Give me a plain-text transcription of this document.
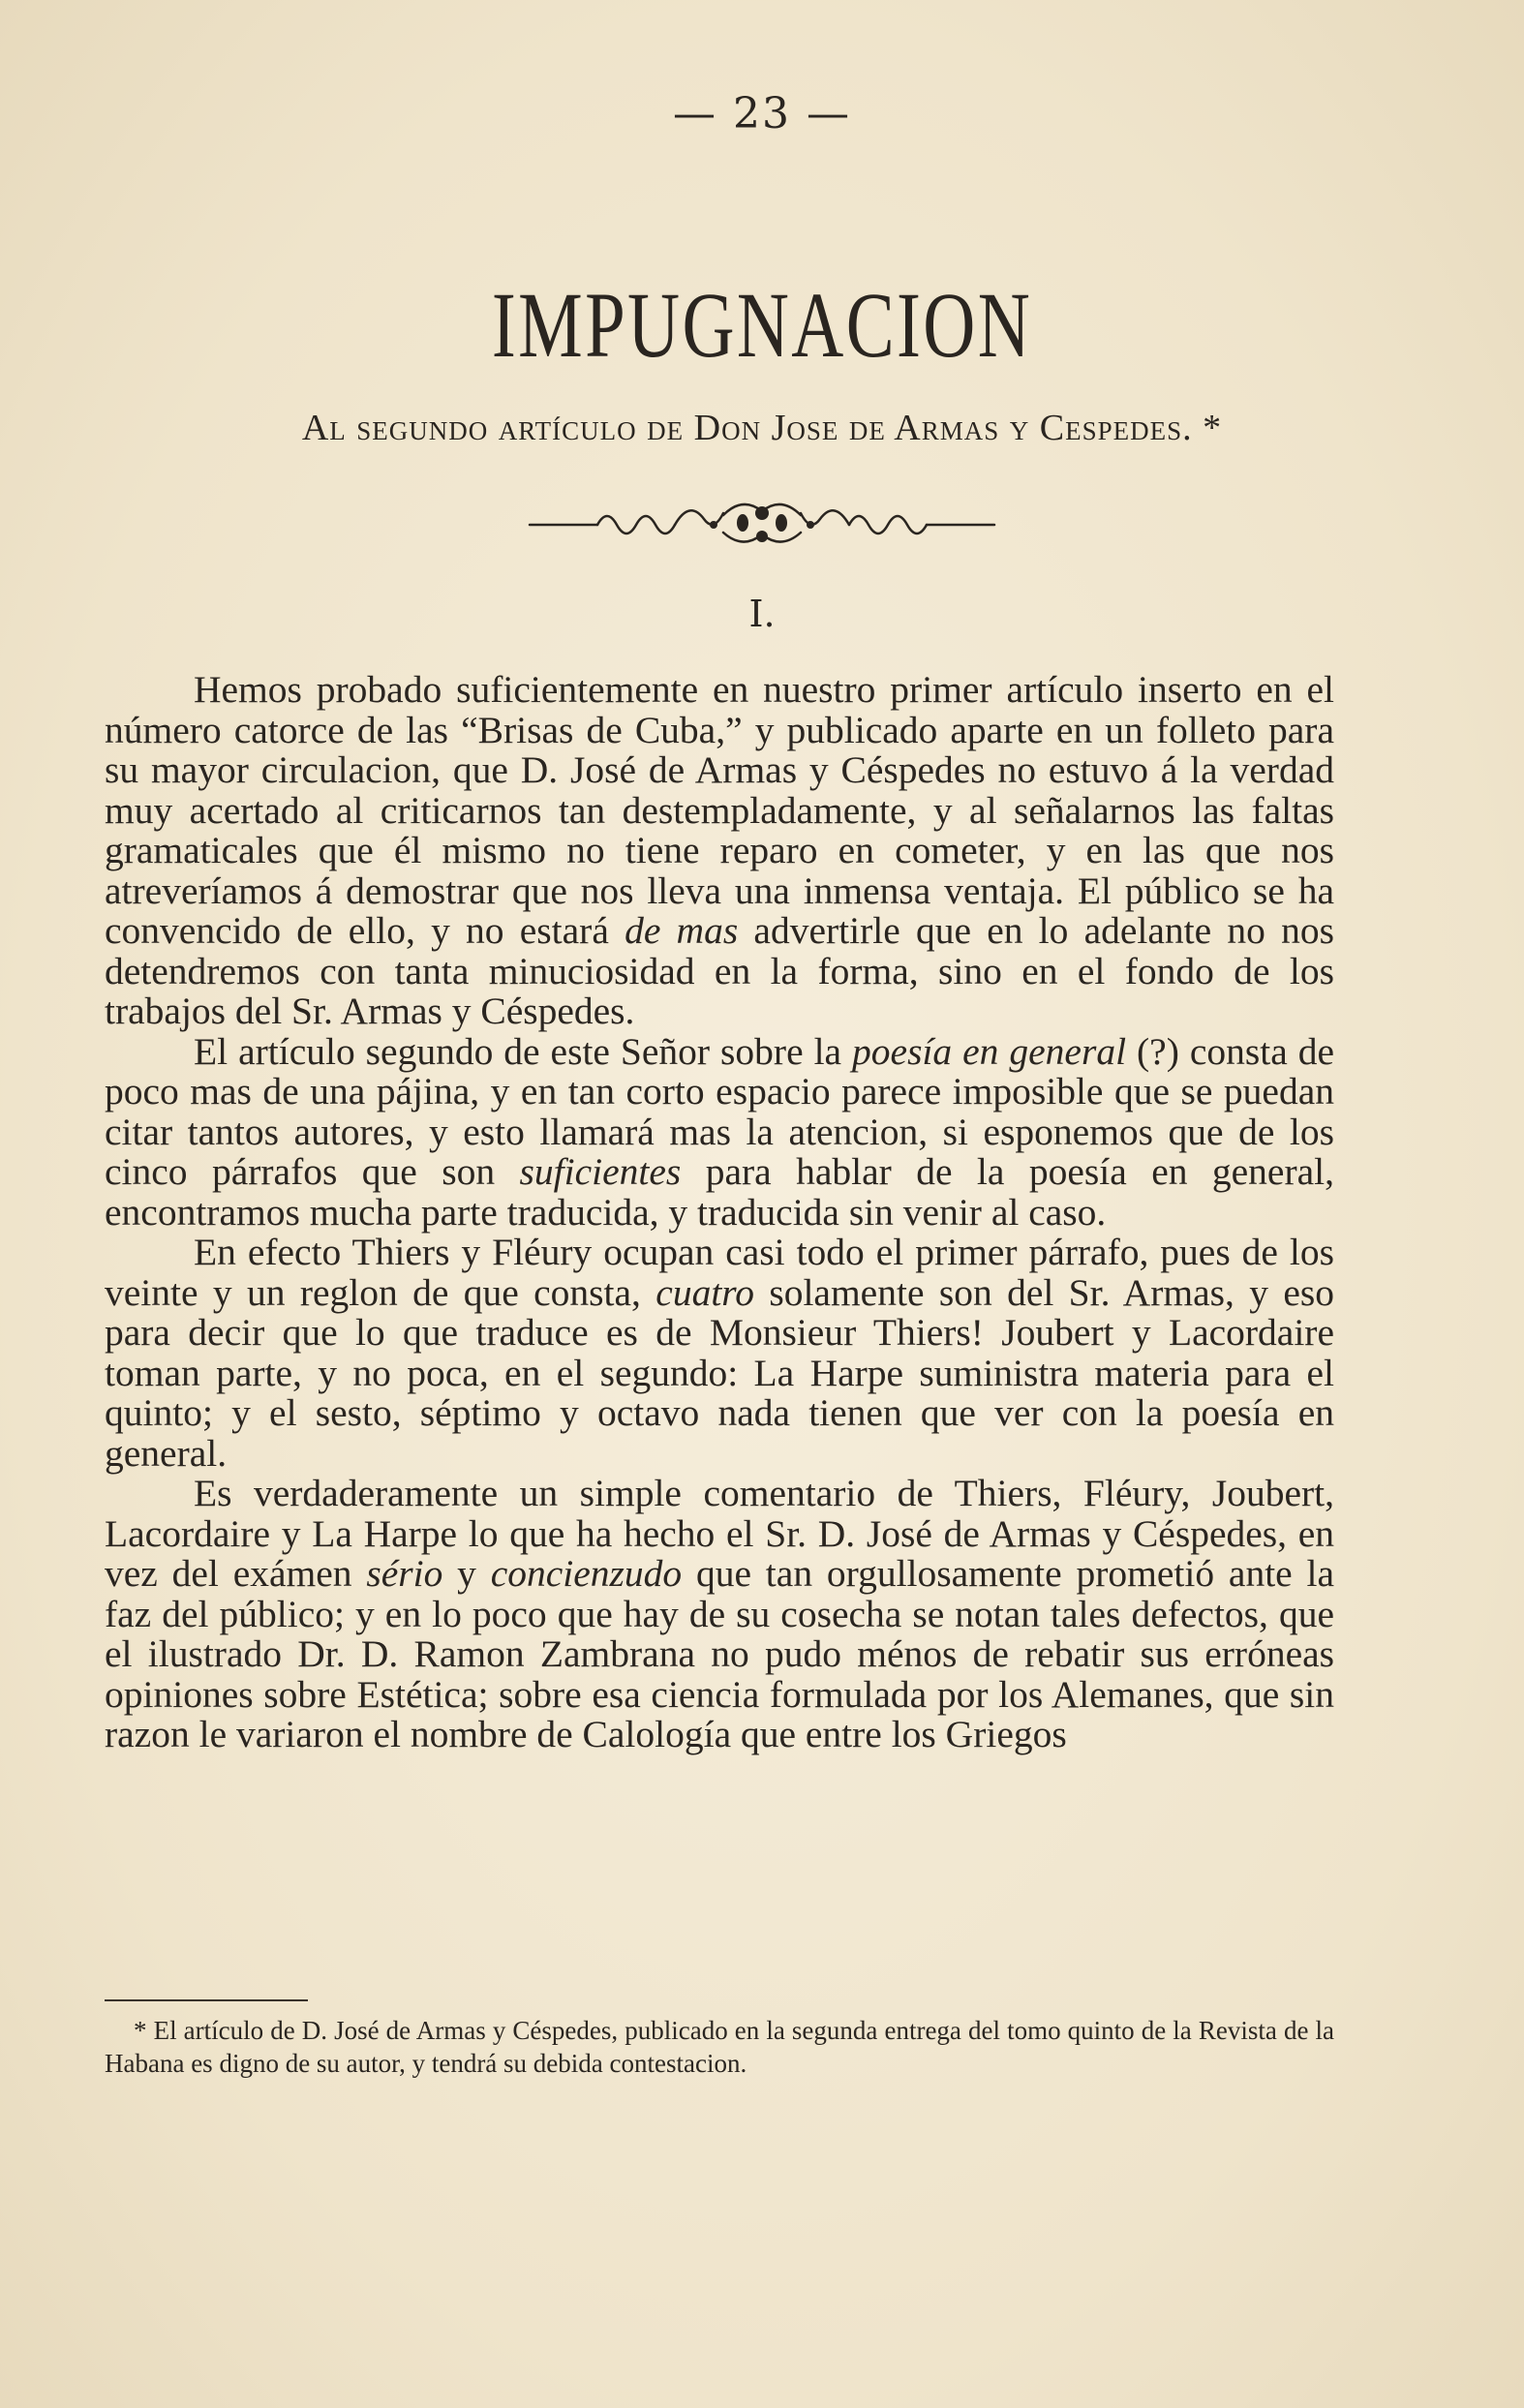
— 23 —
IMPUGNACION
Al segundo artículo de Don Jose de Armas y Cespedes. *
I.

Hemos probado suficientemente en nuestro primer artículo inserto en el número catorce de las “Brisas de Cuba,” y publicado aparte en un folleto para su mayor circulacion, que D. José de Armas y Céspedes no estuvo á la verdad muy acertado al criticarnos tan destempladamente, y al señalarnos las faltas gramaticales que él mismo no tiene reparo en cometer, y en las que nos atreveríamos á demostrar que nos lleva una inmensa ventaja. El público se ha convencido de ello, y no estará de mas advertirle que en lo adelante no nos detendremos con tanta minuciosidad en la forma, sino en el fondo de los trabajos del Sr. Armas y Céspedes.

El artículo segundo de este Señor sobre la poesía en general (?) consta de poco mas de una pájina, y en tan corto espacio parece imposible que se puedan citar tantos autores, y esto llamará mas la atencion, si esponemos que de los cinco párrafos que son suficientes para hablar de la poesía en general, encontramos mucha parte traducida, y traducida sin venir al caso.

En efecto Thiers y Fléury ocupan casi todo el primer párrafo, pues de los veinte y un reglon de que consta, cuatro solamente son del Sr. Armas, y eso para decir que lo que traduce es de Monsieur Thiers! Joubert y Lacordaire toman parte, y no poca, en el segundo: La Harpe suministra materia para el quinto; y el sesto, séptimo y octavo nada tienen que ver con la poesía en general.

Es verdaderamente un simple comentario de Thiers, Fléury, Joubert, Lacordaire y La Harpe lo que ha hecho el Sr. D. José de Armas y Céspedes, en vez del exámen sério y concienzudo que tan orgullosamente prometió ante la faz del público; y en lo poco que hay de su cosecha se notan tales defectos, que el ilustrado Dr. D. Ramon Zambrana no pudo ménos de rebatir sus erróneas opiniones sobre Estética; sobre esa ciencia formulada por los Alemanes, que sin razon le variaron el nombre de Calología que entre los Griegos

* El artículo de D. José de Armas y Céspedes, publicado en la segunda entrega del tomo quinto de la Revista de la Habana es digno de su autor, y tendrá su debida contestacion.
